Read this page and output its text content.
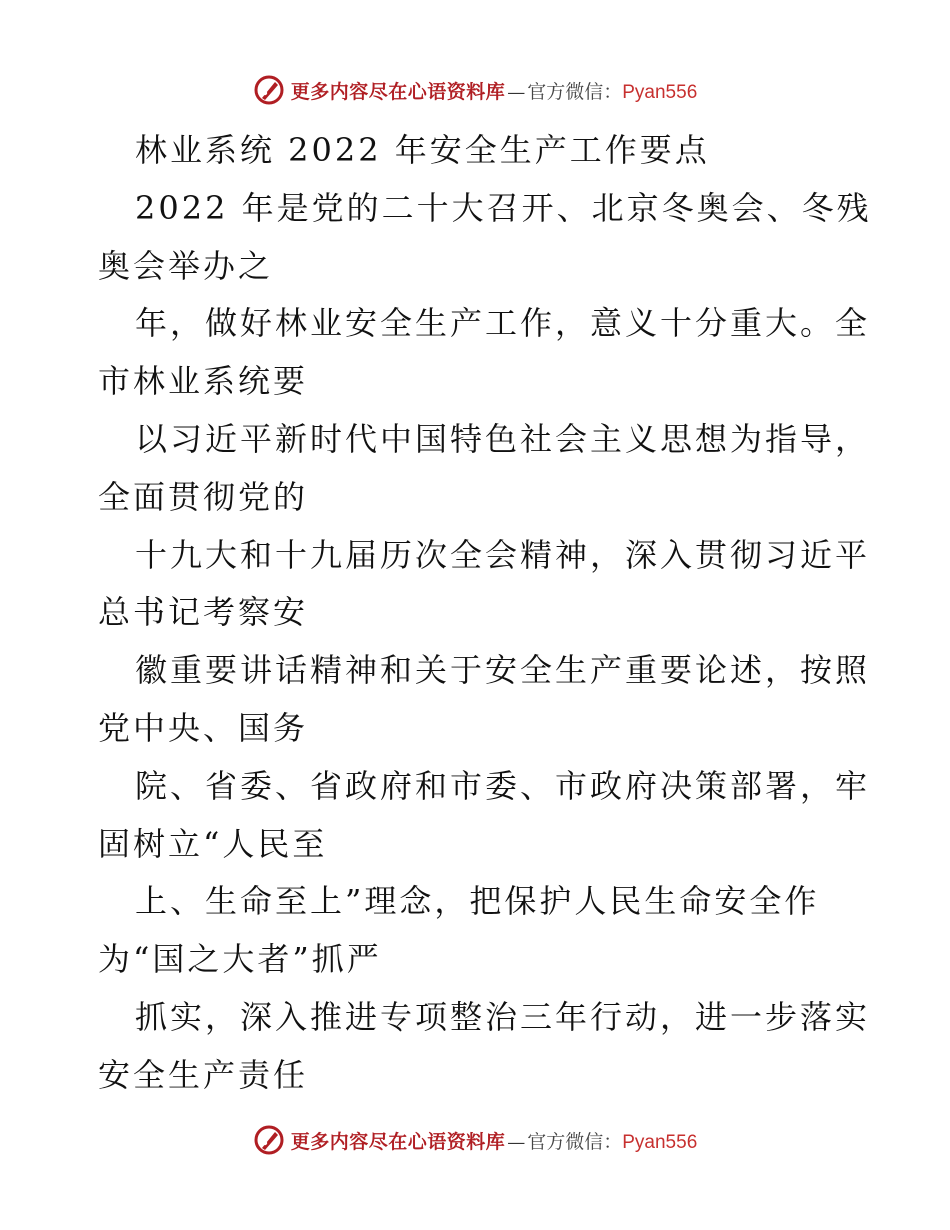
更多内容尽在心语资料库 — 官方微信： Pyan556
林业系统 2022 年安全生产工作要点
2022 年是党的二十大召开、北京冬奥会、冬残
奥会举办之
年，做好林业安全生产工作，意义十分重大。全
市林业系统要
以习近平新时代中国特色社会主义思想为指导，
全面贯彻党的
十九大和十九届历次全会精神，深入贯彻习近平
总书记考察安
徽重要讲话精神和关于安全生产重要论述，按照
党中央、国务
院、省委、省政府和市委、市政府决策部署，牢
固树立“人民至
上、生命至上”理念，把保护人民生命安全作
为“国之大者”抓严
抓实，深入推进专项整治三年行动，进一步落实
安全生产责任
更多内容尽在心语资料库 — 官方微信： Pyan556
